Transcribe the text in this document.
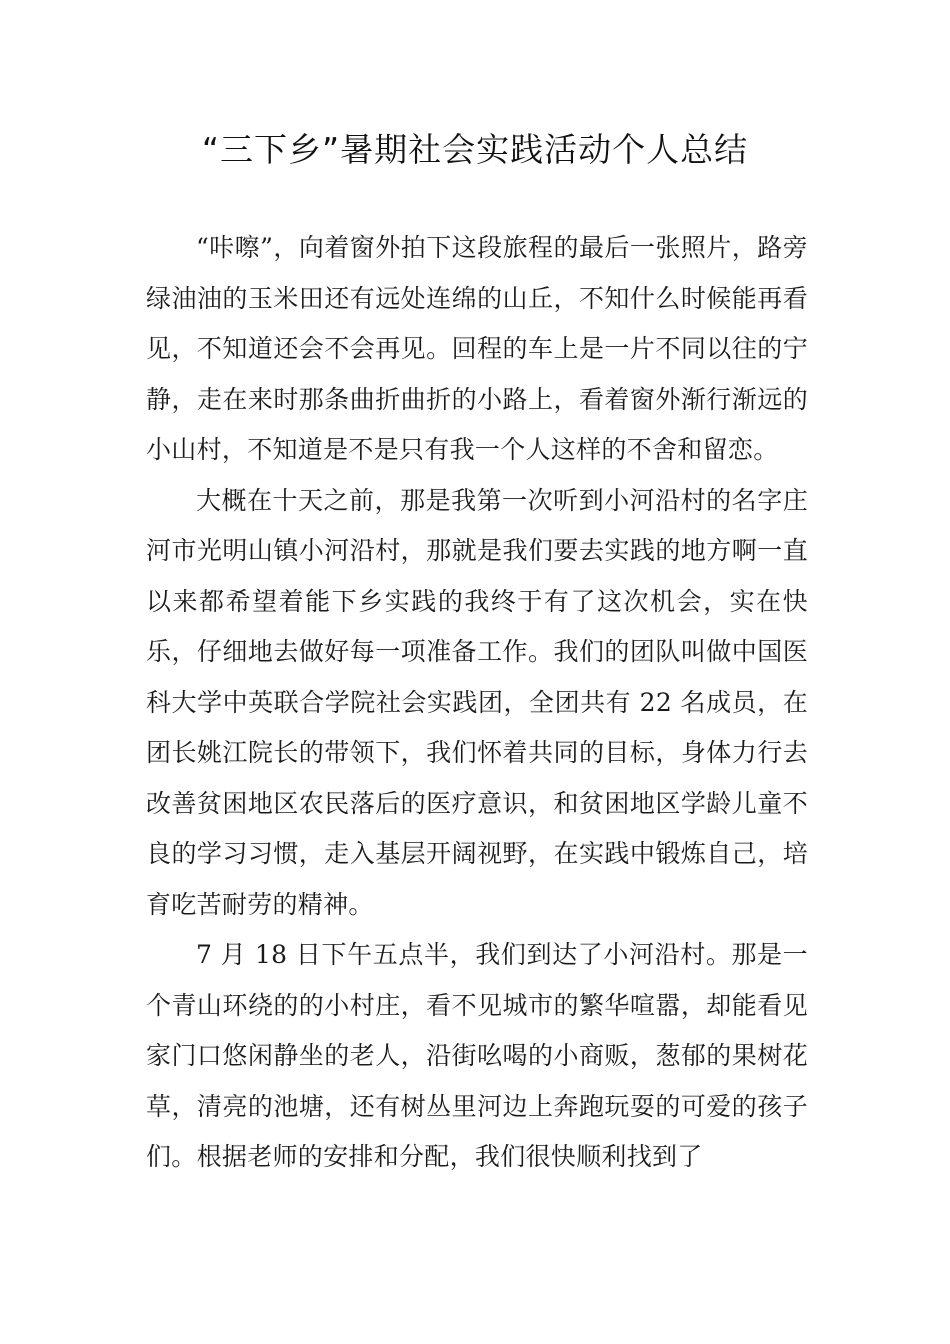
“三下乡”暑期社会实践活动个人总结

“咔嚓”，向着窗外拍下这段旅程的最后一张照片，路旁绿油油的玉米田还有远处连绵的山丘，不知什么时候能再看见，不知道还会不会再见。回程的车上是一片不同以往的宁静，走在来时那条曲折曲折的小路上，看着窗外渐行渐远的小山村，不知道是不是只有我一个人这样的不舍和留恋。

大概在十天之前，那是我第一次听到小河沿村的名字庄河市光明山镇小河沿村，那就是我们要去实践的地方啊一直以来都希望着能下乡实践的我终于有了这次机会，实在快乐，仔细地去做好每一项准备工作。我们的团队叫做中国医科大学中英联合学院社会实践团，全团共有 22 名成员，在团长姚江院长的带领下，我们怀着共同的目标，身体力行去改善贫困地区农民落后的医疗意识，和贫困地区学龄儿童不良的学习习惯，走入基层开阔视野，在实践中锻炼自己，培育吃苦耐劳的精神。

7 月 18 日下午五点半，我们到达了小河沿村。那是一个青山环绕的的小村庄，看不见城市的繁华喧嚣，却能看见家门口悠闲静坐的老人，沿街吆喝的小商贩，葱郁的果树花草，清亮的池塘，还有树丛里河边上奔跑玩耍的可爱的孩子们。根据老师的安排和分配，我们很快顺利找到了
